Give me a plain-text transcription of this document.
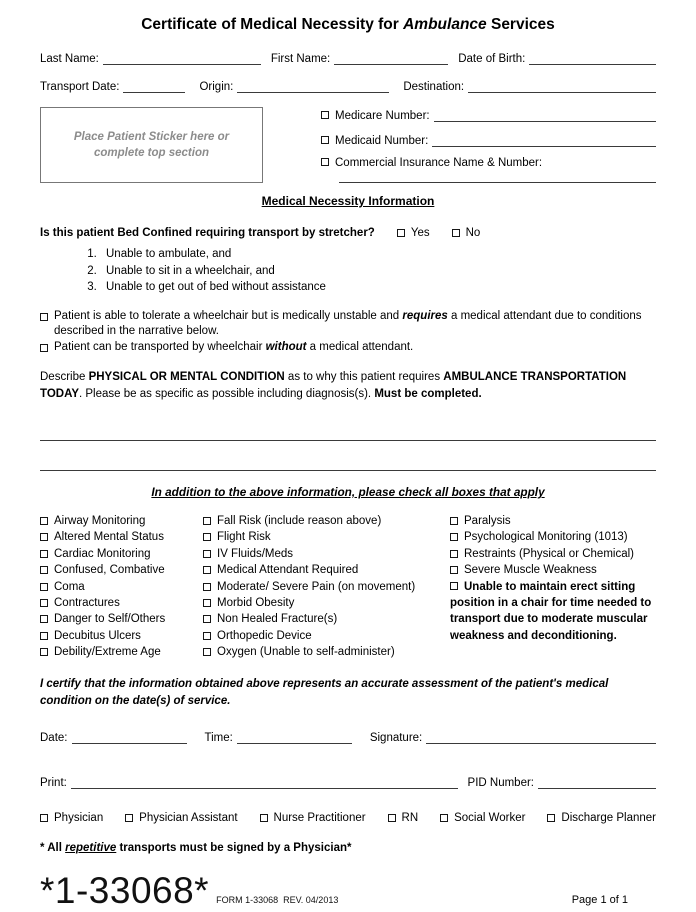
Certificate of Medical Necessity for Ambulance Services
Last Name:	First Name:	Date of Birth:
Transport Date:	Origin:	Destination:
Place Patient Sticker here or complete top section
Medicare Number:
Medicaid Number:
Commercial Insurance Name & Number:
Medical Necessity Information
Is this patient Bed Confined requiring transport by stretcher?	Yes	No
1. Unable to ambulate, and
2. Unable to sit in a wheelchair, and
3. Unable to get out of bed without assistance
Patient is able to tolerate a wheelchair but is medically unstable and requires a medical attendant due to conditions described in the narrative below.
Patient can be transported by wheelchair without a medical attendant.
Describe PHYSICAL OR MENTAL CONDITION as to why this patient requires AMBULANCE TRANSPORTATION TODAY. Please be as specific as possible including diagnosis(s). Must be completed.
In addition to the above information, please check all boxes that apply
Airway Monitoring
Altered Mental Status
Cardiac Monitoring
Confused, Combative
Coma
Contractures
Danger to Self/Others
Decubitus Ulcers
Debility/Extreme Age
Fall Risk (include reason above)
Flight Risk
IV Fluids/Meds
Medical Attendant Required
Moderate/ Severe Pain (on movement)
Morbid Obesity
Non Healed Fracture(s)
Orthopedic Device
Oxygen (Unable to self-administer)
Paralysis
Psychological Monitoring (1013)
Restraints (Physical or Chemical)
Severe Muscle Weakness
Unable to maintain erect sitting position in a chair for time needed to transport due to moderate muscular weakness and deconditioning.
I certify that the information obtained above represents an accurate assessment of the patient's medical condition on the date(s) of service.
Date:	Time:	Signature:
Print:	PID Number:
Physician	Physician Assistant	Nurse Practitioner	RN	Social Worker	Discharge Planner
* All repetitive transports must be signed by a Physician*
*1-33068* FORM 1-33068  REV. 04/2013	Page 1 of 1
